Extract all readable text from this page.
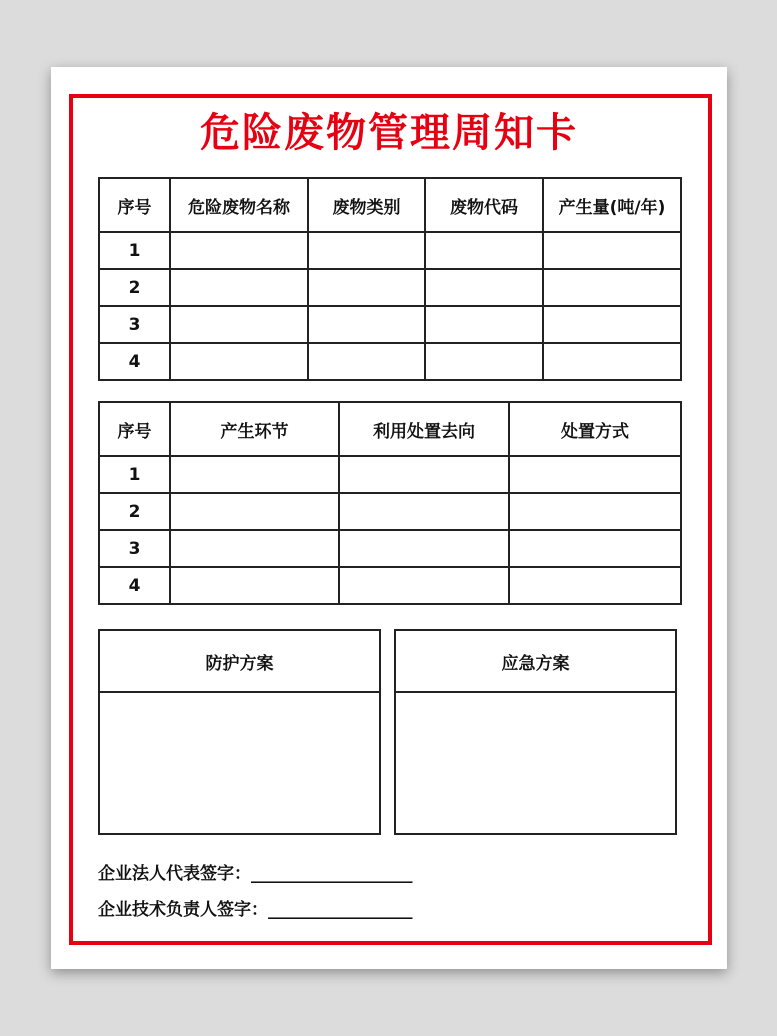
危险废物管理周知卡
序号	危险废物名称	废物类别	废物代码	产生量(吨/年)
1				
2				
3				
4				
序号	产生环节	利用处置去向	处置方式
1			
2			
3			
4			
防护方案	应急方案
企业法人代表签字：___________________
企业技术负责人签字：_________________
